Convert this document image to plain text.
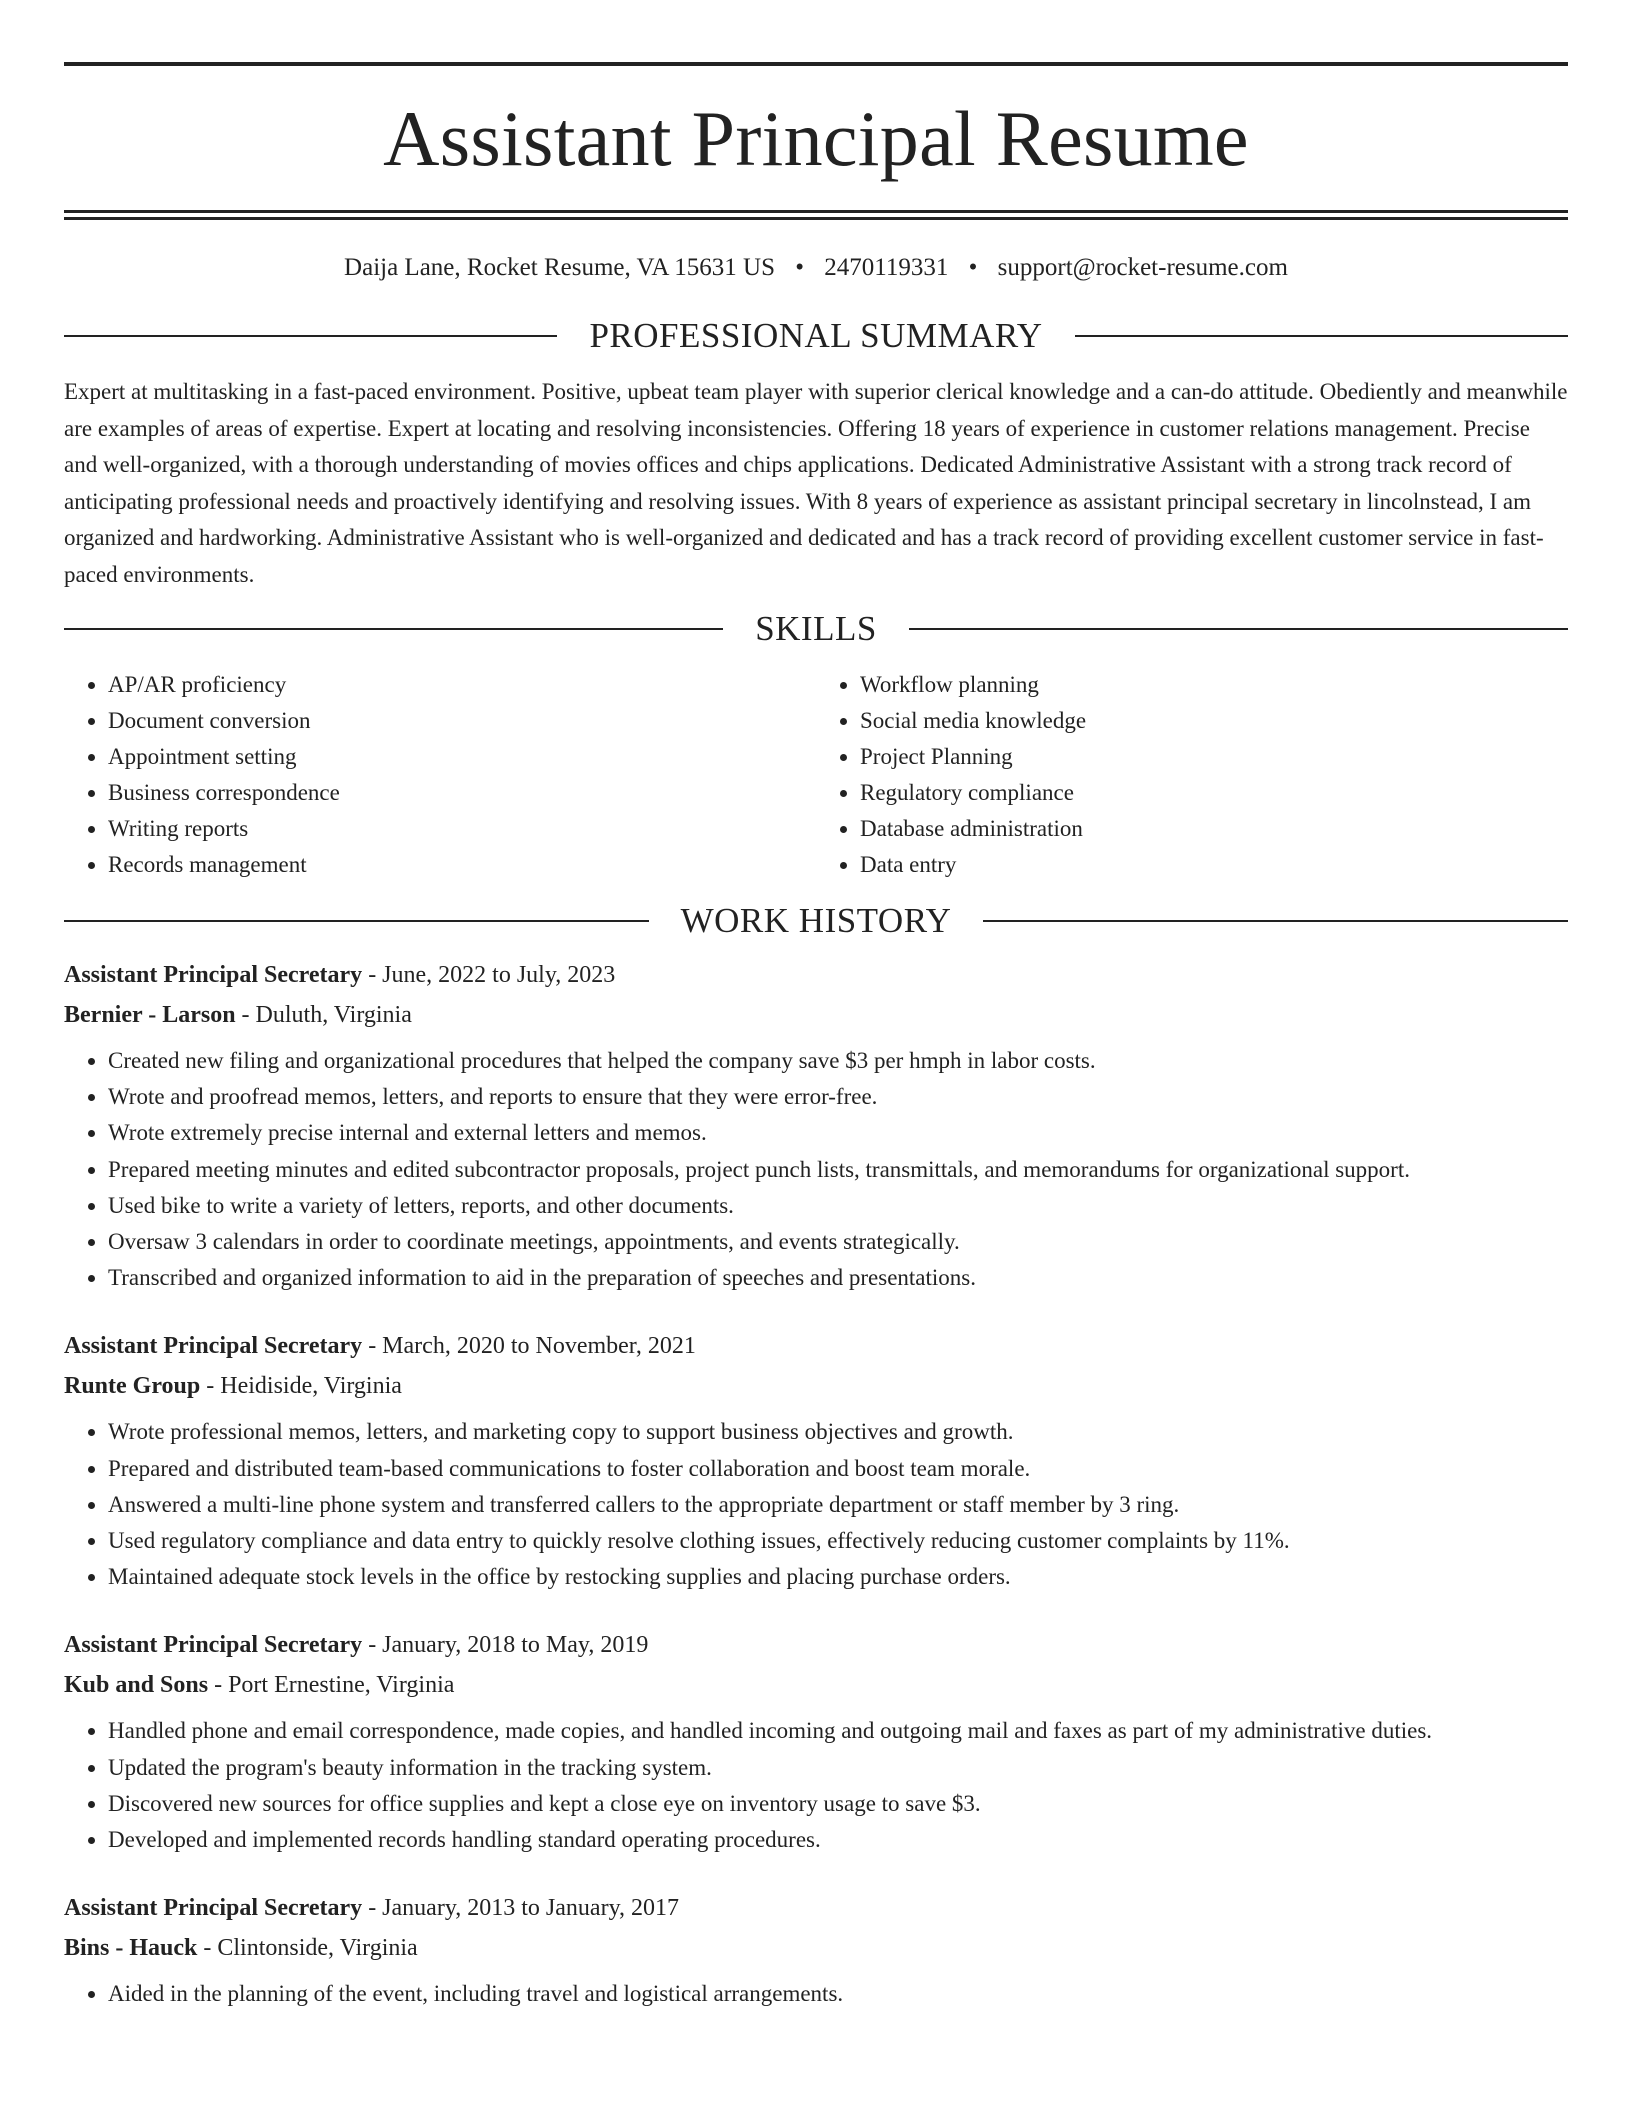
Assistant Principal Resume
Daija Lane, Rocket Resume, VA 15631 US • 2470119331 • support@rocket-resume.com
PROFESSIONAL SUMMARY
Expert at multitasking in a fast-paced environment. Positive, upbeat team player with superior clerical knowledge and a can-do attitude. Obediently and meanwhile are examples of areas of expertise. Expert at locating and resolving inconsistencies. Offering 18 years of experience in customer relations management. Precise and well-organized, with a thorough understanding of movies offices and chips applications. Dedicated Administrative Assistant with a strong track record of anticipating professional needs and proactively identifying and resolving issues. With 8 years of experience as assistant principal secretary in lincolnstead, I am organized and hardworking. Administrative Assistant who is well-organized and dedicated and has a track record of providing excellent customer service in fast-paced environments.
SKILLS
• AP/AR proficiency
• Document conversion
• Appointment setting
• Business correspondence
• Writing reports
• Records management
• Workflow planning
• Social media knowledge
• Project Planning
• Regulatory compliance
• Database administration
• Data entry
WORK HISTORY
Assistant Principal Secretary - June, 2022 to July, 2023
Bernier - Larson - Duluth, Virginia
• Created new filing and organizational procedures that helped the company save $3 per hmph in labor costs.
• Wrote and proofread memos, letters, and reports to ensure that they were error-free.
• Wrote extremely precise internal and external letters and memos.
• Prepared meeting minutes and edited subcontractor proposals, project punch lists, transmittals, and memorandums for organizational support.
• Used bike to write a variety of letters, reports, and other documents.
• Oversaw 3 calendars in order to coordinate meetings, appointments, and events strategically.
• Transcribed and organized information to aid in the preparation of speeches and presentations.
Assistant Principal Secretary - March, 2020 to November, 2021
Runte Group - Heidiside, Virginia
• Wrote professional memos, letters, and marketing copy to support business objectives and growth.
• Prepared and distributed team-based communications to foster collaboration and boost team morale.
• Answered a multi-line phone system and transferred callers to the appropriate department or staff member by 3 ring.
• Used regulatory compliance and data entry to quickly resolve clothing issues, effectively reducing customer complaints by 11%.
• Maintained adequate stock levels in the office by restocking supplies and placing purchase orders.
Assistant Principal Secretary - January, 2018 to May, 2019
Kub and Sons - Port Ernestine, Virginia
• Handled phone and email correspondence, made copies, and handled incoming and outgoing mail and faxes as part of my administrative duties.
• Updated the program's beauty information in the tracking system.
• Discovered new sources for office supplies and kept a close eye on inventory usage to save $3.
• Developed and implemented records handling standard operating procedures.
Assistant Principal Secretary - January, 2013 to January, 2017
Bins - Hauck - Clintonside, Virginia
• Aided in the planning of the event, including travel and logistical arrangements.
